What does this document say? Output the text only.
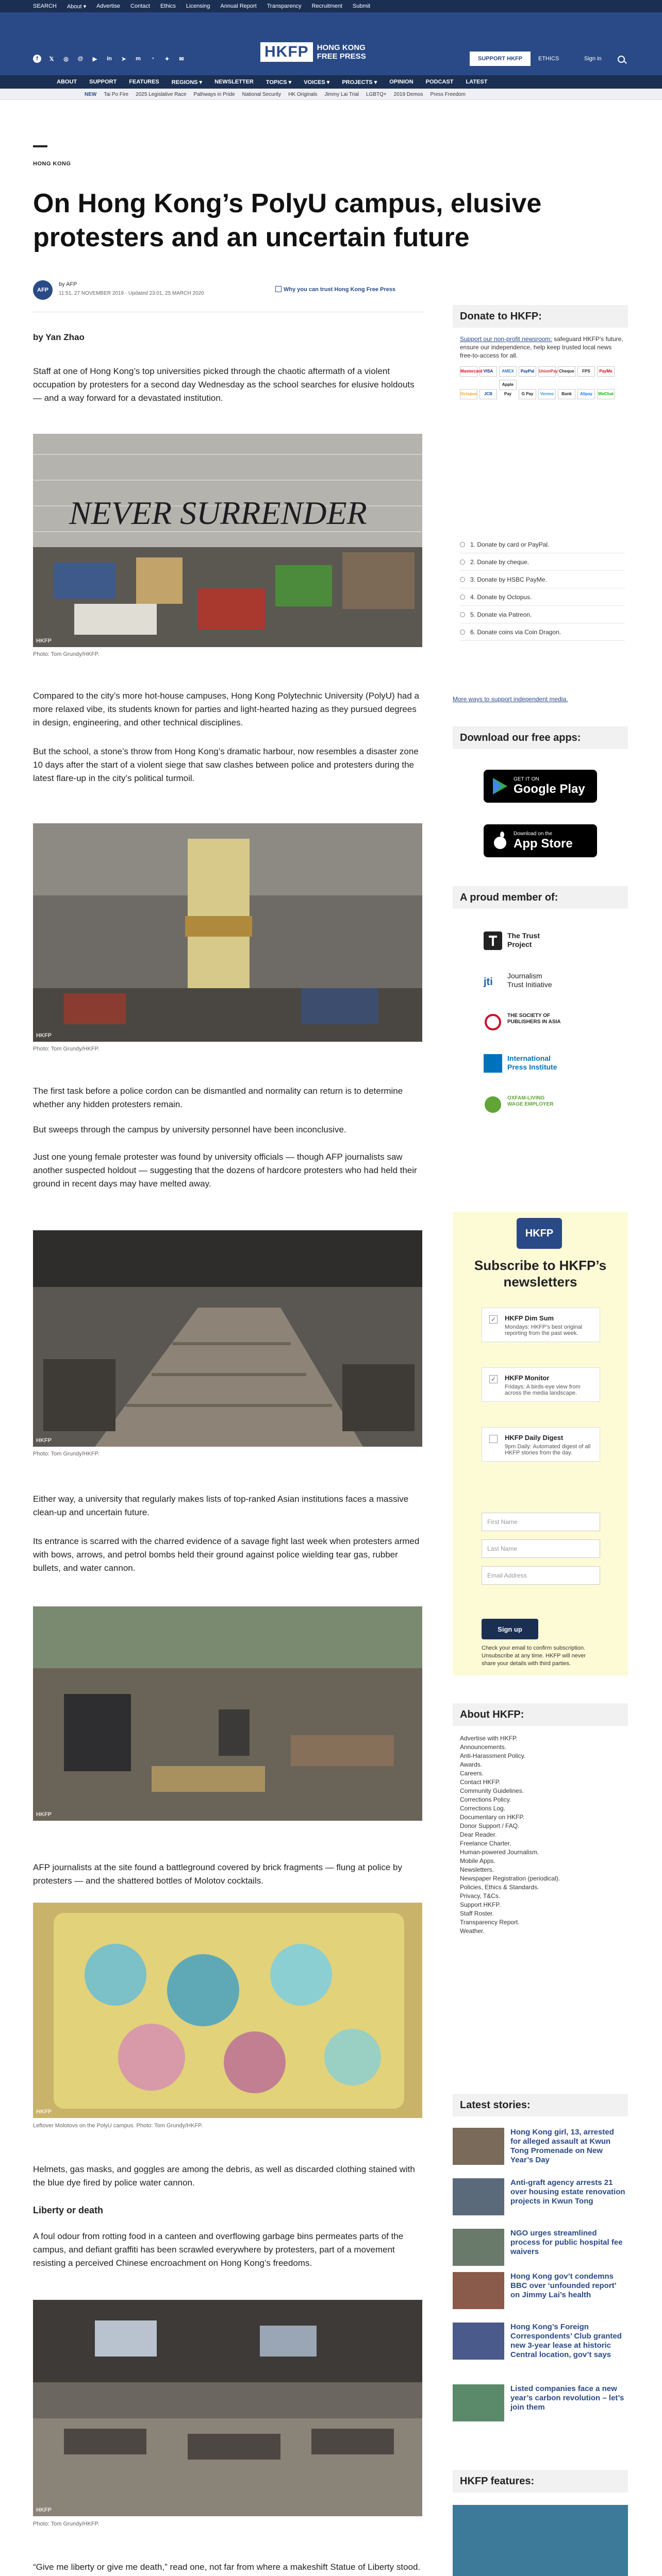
SEARCH About ▾ Advertise Contact Ethics Licensing Annual Report Transparency Recruitment Submit
f	𝕏	◎ @	▶	in	➤	m	◔	✦	✉	HKFP	HONG KONG
FREE PRESS	SUPPORT HKFP	ETHICS	Sign in
ABOUT SUPPORT FEATURES REGIONS ▾ NEWSLETTER TOPICS ▾ VOICES ▾ PROJECTS ▾ OPINION PODCAST LATEST
NEW Tai Po Fire 2025 Legislative Race Pathways in Pride National Security HK Originals Jimmy Lai Trial LGBTQ+ 2019 Demos Press Freedom
HONG KONG
On Hong Kong’s PolyU campus, elusive protesters and an uncertain future
AFP
by AFP
11:51, 27 NOVEMBER 2019 · Updated 23:01, 25 MARCH 2020
Why you can trust Hong Kong Free Press
by Yan Zhao

Staff at one of Hong Kong’s top universities picked through the chaotic aftermath of a violent occupation by protesters for a second day Wednesday as the school searches for elusive holdouts — and a way forward for a devastated institution.

NEVER SURRENDER
HKFP
Photo: Tom Grundy/HKFP.

Compared to the city’s more hot-house campuses, Hong Kong Polytechnic University (PolyU) had a more relaxed vibe, its students known for parties and light-hearted hazing as they pursued degrees in design, engineering, and other technical disciplines.

But the school, a stone’s throw from Hong Kong’s dramatic harbour, now resembles a disaster zone 10 days after the start of a violent siege that saw clashes between police and protesters during the latest flare-up in the city’s political turmoil.

HKFP
Photo: Tom Grundy/HKFP.

The first task before a police cordon can be dismantled and normality can return is to determine whether any hidden protesters remain.

But sweeps through the campus by university personnel have been inconclusive.

Just one young female protester was found by university officials — though AFP journalists saw another suspected holdout — suggesting that the dozens of hardcore protesters who had held their ground in recent days may have melted away.

HKFP
Photo: Tom Grundy/HKFP.

Either way, a university that regularly makes lists of top-ranked Asian institutions faces a massive clean-up and uncertain future.

Its entrance is scarred with the charred evidence of a savage fight last week when protesters armed with bows, arrows, and petrol bombs held their ground against police wielding tear gas, rubber bullets, and water cannon.

HKFP

AFP journalists at the site found a battleground covered by brick fragments — flung at police by protesters — and the shattered bottles of Molotov cocktails.

HKFP
Leftover Molotovs on the PolyU campus. Photo: Tom Grundy/HKFP.

Helmets, gas masks, and goggles are among the debris, as well as discarded clothing stained with the blue dye fired by police water cannon.

Liberty or death

A foul odour from rotting food in a canteen and overflowing garbage bins permeates parts of the campus, and defiant graffiti has been scrawled everywhere by protesters, part of a movement resisting a perceived Chinese encroachment on Hong Kong’s freedoms.

HKFP
Photo: Tom Grundy/HKFP.

“Give me liberty or give me death,” read one, not far from where a makeshift Statue of Liberty stood.

Donate to HKFP:
Support our non-profit newsroom: safeguard HKFP’s future, ensure our independence, help keep trusted local news free-to-access for all.
Mastercard VISA AMEX PayPal UnionPay Cheque FPS PayMeOctopus JCBApple Pay G Pay Venmo Bank Alipay WeChat
1. Donate by card or PayPal.
2. Donate by cheque.
3. Donate by HSBC PayMe.
4. Donate by Octopus.
5. Donate via Patreon.
6. Donate coins via Coin Dragon.
More ways to support independent media.
Download our free apps:
GET IT ON
Google Play
Download on the
App Store
A proud member of:
The Trust
Project
jti
Journalism
Trust Initiative
THE SOCIETY OF
PUBLISHERS IN ASIA
International
Press Institute
OXFAM-LIVING
WAGE EMPLOYER
HKFP
Subscribe to HKFP’s newsletters
✓ HKFP Dim Sum
Mondays: HKFP’s best original reporting from the past week.
✓ HKFP Monitor
Fridays: A birds-eye view from across the media landscape.
HKFP Daily Digest
9pm Daily: Automated digest of all HKFP stories from the day.
First Name
Last Name
Email Address
Sign up
Check your email to confirm subscription. Unsubscribe at any time. HKFP will never share your details with third parties.
About HKFP:
Advertise with HKFP.
Announcements.
Anti-Harassment Policy.
Awards.
Careers.
Contact HKFP.
Community Guidelines.
Corrections Policy.
Corrections Log.
Documentary on HKFP.
Donor Support / FAQ.
Dear Reader.
Freelance Charter.
Human-powered Journalism.
Mobile Apps.
Newsletters.
Newspaper Registration (periodical).
Policies, Ethics & Standards.
Privacy, T&Cs.
Support HKFP.
Staff Roster.
Transparency Report.
Weather.
Latest stories:
Hong Kong girl, 13, arrested for alleged assault at Kwun Tong Promenade on New Year’s Day
Anti-graft agency arrests 21 over housing estate renovation projects in Kwun Tong
NGO urges streamlined process for public hospital fee waivers
Hong Kong gov’t condemns BBC over ‘unfounded report’ on Jimmy Lai’s health
Hong Kong’s Foreign Correspondents’ Club granted new 3-year lease at historic Central location, gov’t says
Listed companies face a new year’s carbon revolution – let’s join them
HKFP features:
